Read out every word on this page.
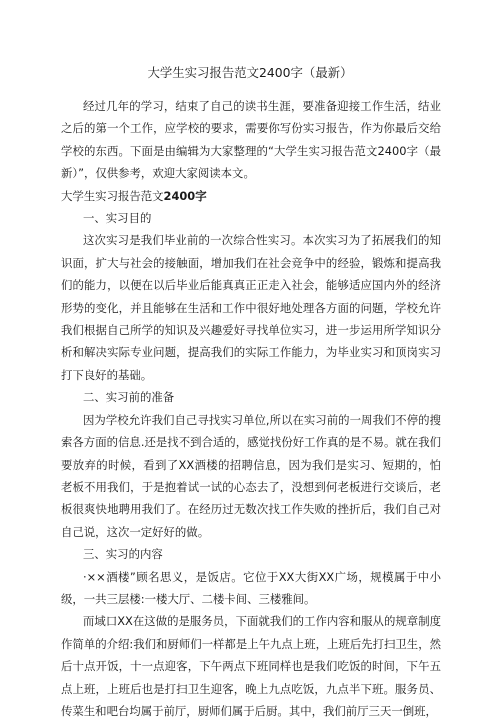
大学生实习报告范文2400字（最新）

经过几年的学习，结束了自己的读书生涯，要准备迎接工作生活，结业之后的第一个工作，应学校的要求，需要你写份实习报告，作为你最后交给学校的东西。下面是由编辑为大家整理的“大学生实习报告范文2400字（最新）”，仅供参考，欢迎大家阅读本文。

大学生实习报告范文2400字

一、实习目的

这次实习是我们毕业前的一次综合性实习。本次实习为了拓展我们的知识面，扩大与社会的接触面，增加我们在社会竞争中的经验，锻炼和提高我们的能力，以便在以后毕业后能真真正正走入社会，能够适应国内外的经济形势的变化，并且能够在生活和工作中很好地处理各方面的问题，学校允许我们根据自己所学的知识及兴趣爱好寻找单位实习，进一步运用所学知识分析和解决实际专业问题，提高我们的实际工作能力，为毕业实习和顶岗实习打下良好的基础。

二、实习前的准备

因为学校允许我们自己寻找实习单位,所以在实习前的一周我们不停的搜索各方面的信息.还是找不到合适的，感觉找份好工作真的是不易。就在我们要放弃的时候，看到了XX酒楼的招聘信息，因为我们是实习、短期的，怕老板不用我们，于是抱着试一试的心态去了，没想到何老板进行交谈后，老板很爽快地聘用我们了。在经历过无数次找工作失败的挫折后，我们自己对自己说，这次一定好好的做。

三、实习的内容

·××酒楼”顾名思义，是饭店。它位于XX大街XX广场，规模属于中小级，一共三层楼:一楼大厅、二楼卡间、三楼雅间。

而域口XX在这做的是服务员，下面就我们的工作内容和服从的规章制度作简单的介绍:我们和厨师们一样都是上午九点上班，上班后先打扫卫生，然后十点开饭，十一点迎客，下午两点下班同样也是我们吃饭的时间，下午五点上班，上班后也是打扫卫生迎客，晚上九点吃饭，九点半下班。服务员、传菜生和吧台均属于前厅，厨师们属于后厨。其中，我们前厅三天一倒班，
